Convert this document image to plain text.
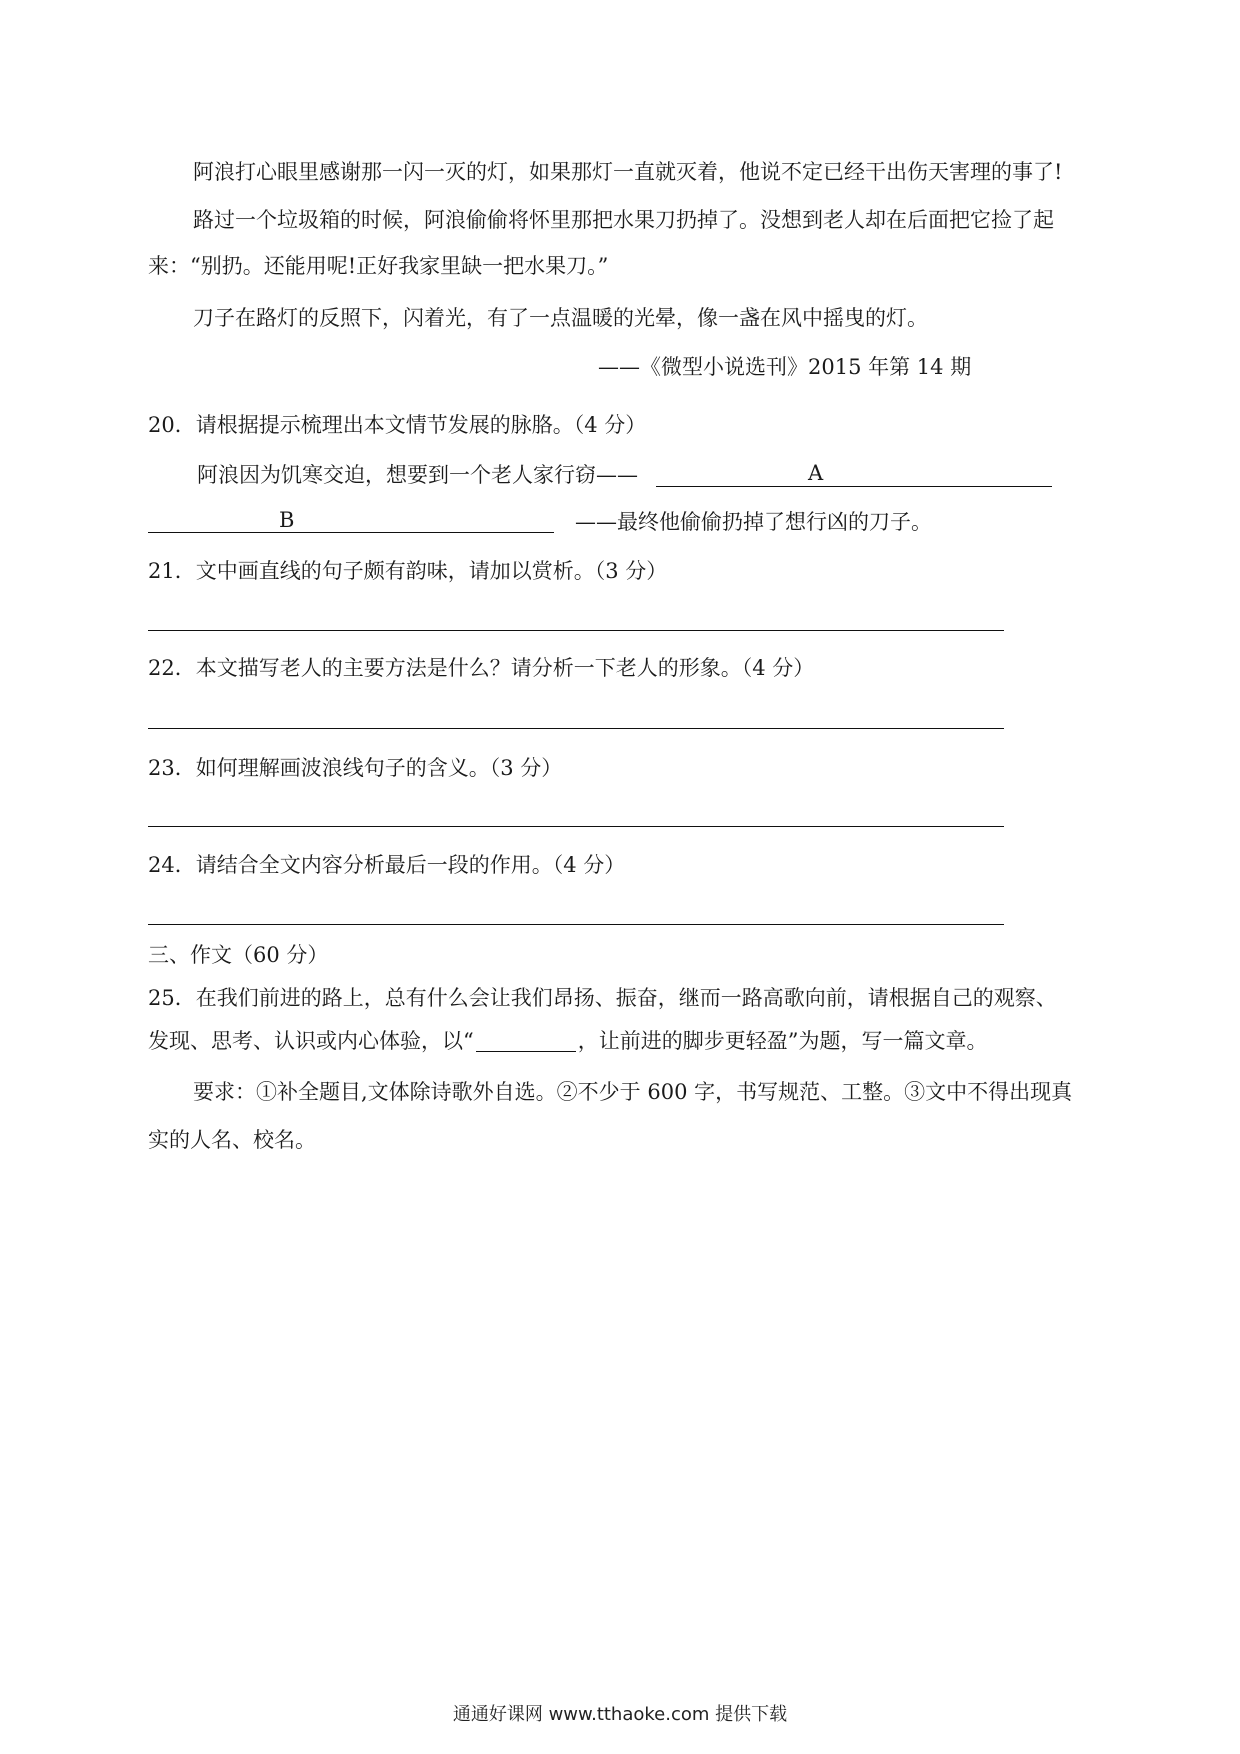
阿浪打心眼里感谢那一闪一灭的灯，如果那灯一直就灭着，他说不定已经干出伤天害理的事了!
路过一个垃圾箱的时候，阿浪偷偷将怀里那把水果刀扔掉了。没想到老人却在后面把它捡了起
来：“别扔。还能用呢!正好我家里缺一把水果刀。”
刀子在路灯的反照下，闪着光，有了一点温暖的光晕，像一盏在风中摇曳的灯。
——《微型小说选刊》2015 年第 14 期
20．请根据提示梳理出本文情节发展的脉胳。（4 分）
阿浪因为饥寒交迫，想要到一个老人家行窃——	A
B	——最终他偷偷扔掉了想行凶的刀子。
21．文中画直线的句子颇有韵味，请加以赏析。（3 分）
22．本文描写老人的主要方法是什么？请分析一下老人的形象。（4 分）
23．如何理解画波浪线句子的含义。（3 分）
24．请结合全文内容分析最后一段的作用。（4 分）
三、作文（60 分）
25．在我们前进的路上，总有什么会让我们昂扬、振奋，继而一路高歌向前，请根据自己的观察、
发现、思考、认识或内心体验，以“	，让前进的脚步更轻盈”为题，写一篇文章。
要求：①补全题目,文体除诗歌外自选。②不少于 600 字，书写规范、工整。③文中不得出现真
实的人名、校名。
通通好课网 www.tthaoke.com 提供下载
